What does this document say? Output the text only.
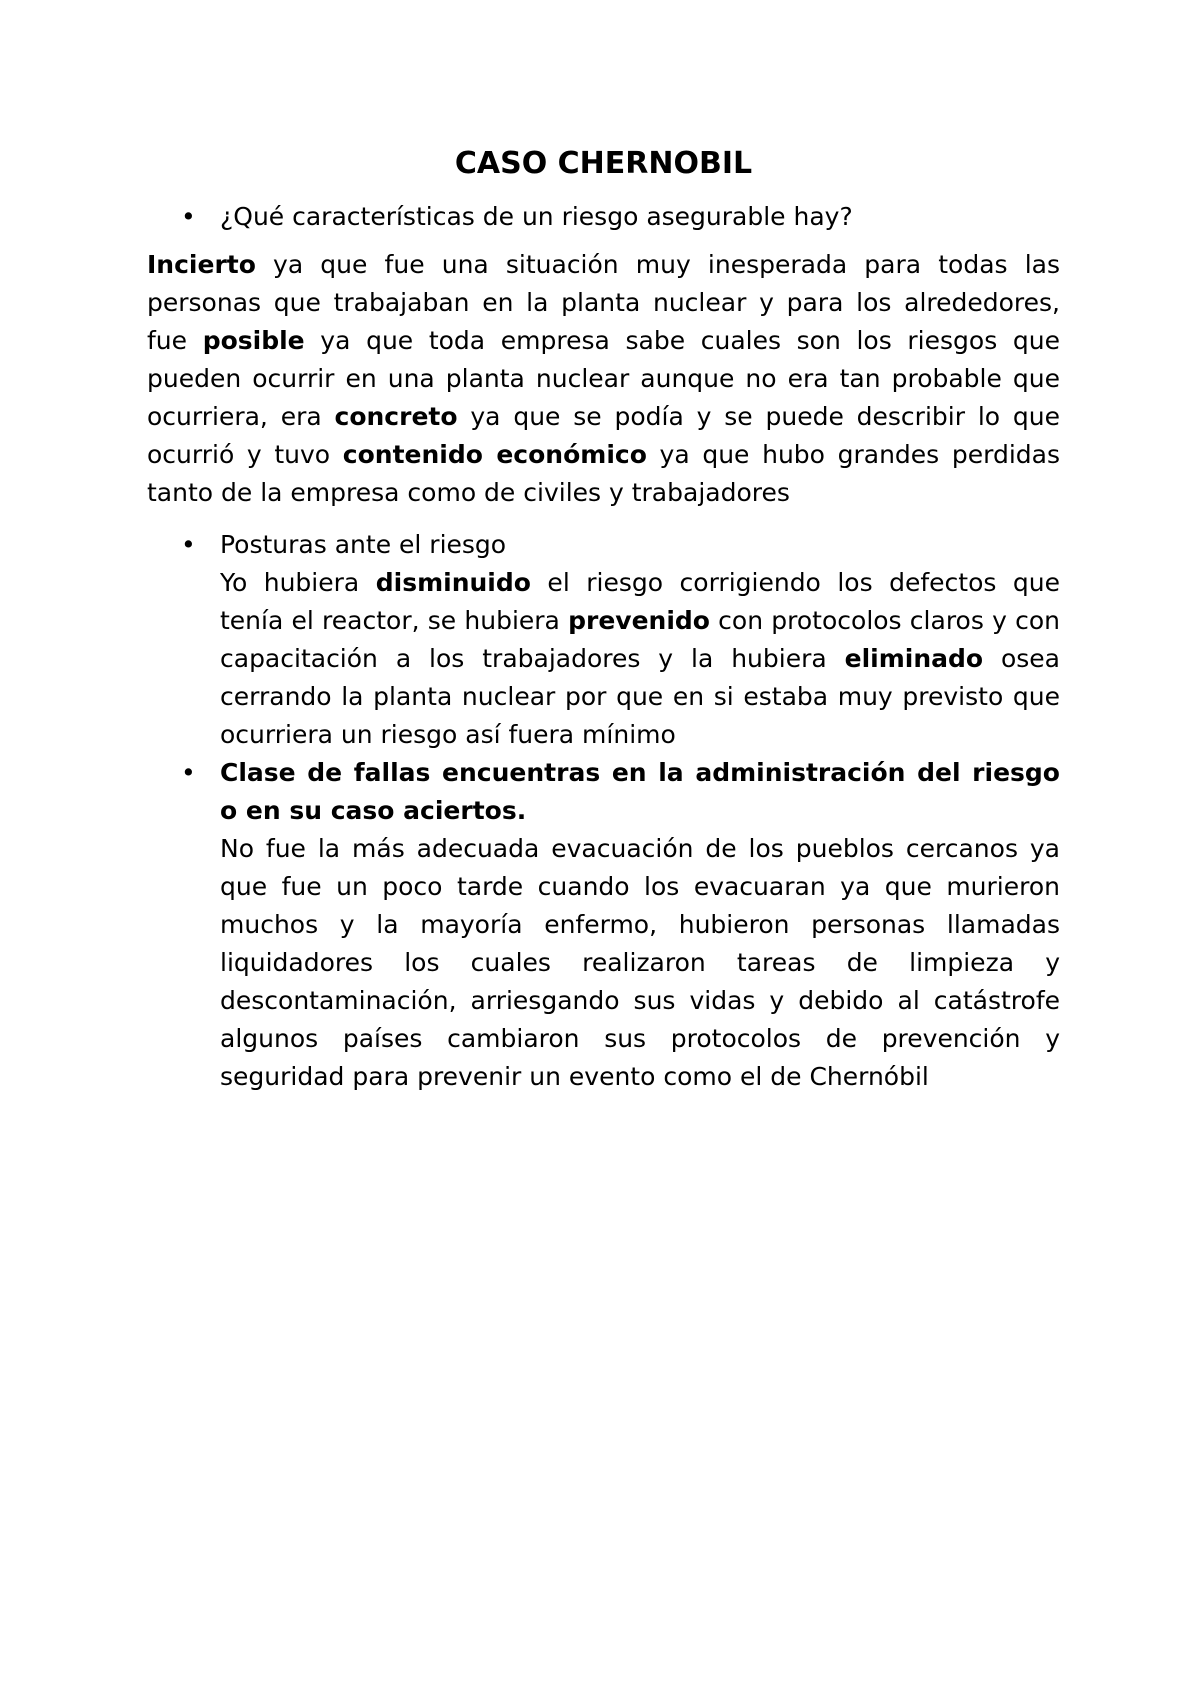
CASO CHERNOBIL
• ¿Qué características de un riesgo asegurable hay?

Incierto ya que fue una situación muy inesperada para todas las personas que trabajaban en la planta nuclear y para los alrededores, fue posible ya que toda empresa sabe cuales son los riesgos que pueden ocurrir en una planta nuclear aunque no era tan probable que ocurriera, era concreto ya que se podía y se puede describir lo que ocurrió y tuvo contenido económico ya que hubo grandes perdidas tanto de la empresa como de civiles y trabajadores

• Posturas ante el riesgo
Yo hubiera disminuido el riesgo corrigiendo los defectos que tenía el reactor, se hubiera prevenido con protocolos claros y con capacitación a los trabajadores y la hubiera eliminado osea cerrando la planta nuclear por que en si estaba muy previsto que ocurriera un riesgo así fuera mínimo
• Clase de fallas encuentras en la administración del riesgo o en su caso aciertos.
No fue la más adecuada evacuación de los pueblos cercanos ya que fue un poco tarde cuando los evacuaran ya que murieron muchos y la mayoría enfermo, hubieron personas llamadas liquidadores los cuales realizaron tareas de limpieza y descontaminación, arriesgando sus vidas y debido al catástrofe algunos países cambiaron sus protocolos de prevención y seguridad para prevenir un evento como el de Chernóbil
